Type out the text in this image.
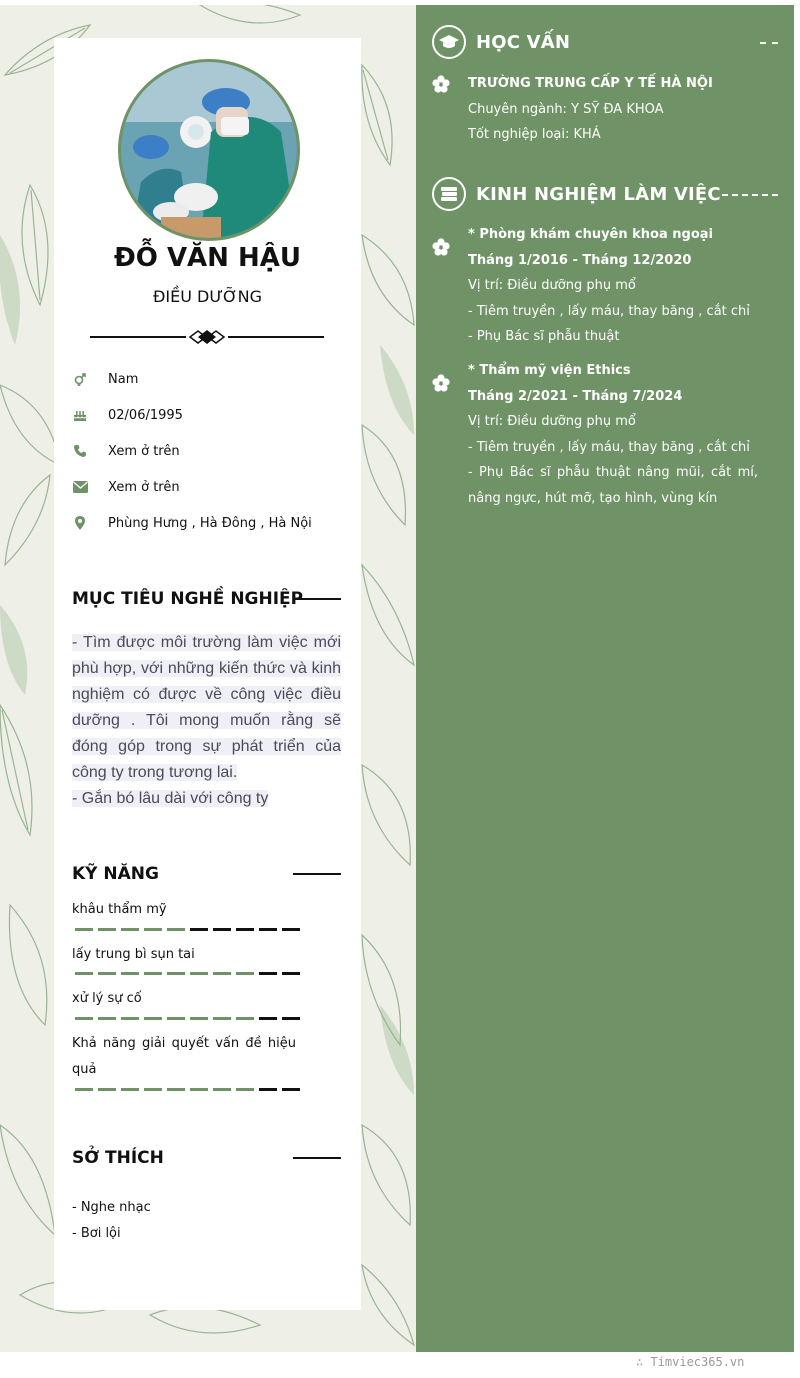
ĐỖ VĂN HẬU
ĐIỀU DƯỠNG
Nam
02/06/1995
Xem ở trên
Xem ở trên
Phùng Hưng , Hà Đông , Hà Nội
MỤC TIÊU NGHỀ NGHIỆP
- Tìm được môi trường làm việc mới phù hợp, với những kiến thức và kinh nghiệm có được về công việc điều dưỡng . Tôi mong muốn rằng sẽ đóng góp trong sự phát triển của công ty trong tương lai.
- Gắn bó lâu dài với công ty
KỸ NĂNG
khâu thẩm mỹ
lấy trung bì sụn tai
xử lý sự cố
Khả năng giải quyết vấn đề hiệu quả
SỞ THÍCH
- Nghe nhạc
- Bơi lội
HỌC VẤN
TRƯỜNG TRUNG CẤP Y TẾ HÀ NỘI
Chuyên ngành: Y SỸ ĐA KHOA
Tốt nghiệp loại: KHÁ
KINH NGHIỆM LÀM VIỆC
* Phòng khám chuyên khoa ngoại
Tháng 1/2016 - Tháng 12/2020
Vị trí: Điều dưỡng phụ mổ
- Tiêm truyền , lấy máu, thay băng , cắt chỉ
- Phụ Bác sĩ phẫu thuật
* Thẩm mỹ viện Ethics
Tháng 2/2021 - Tháng 7/2024
Vị trí: Điều dưỡng phụ mổ
- Tiêm truyền , lấy máu, thay băng , cắt chỉ
- Phụ Bác sĩ phẫu thuật nâng mũi, cắt mí, nâng ngực, hút mỡ, tạo hình, vùng kín
∴ Timviec365.vn
